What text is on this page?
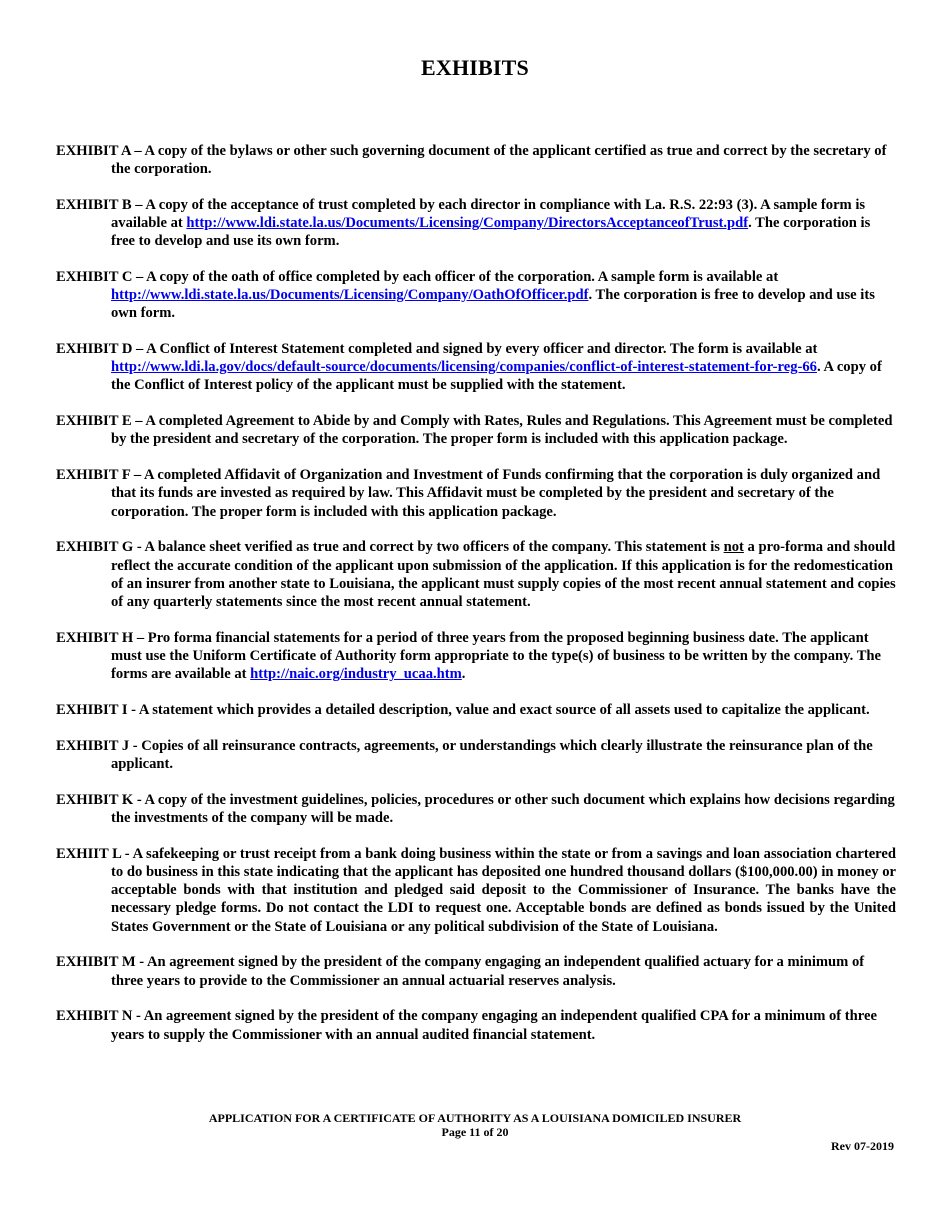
EXHIBITS

EXHIBIT A – A copy of the bylaws or other such governing document of the applicant certified as true and correct by the secretary of the corporation.

EXHIBIT B – A copy of the acceptance of trust completed by each director in compliance with La. R.S. 22:93 (3). A sample form is available at http://www.ldi.state.la.us/Documents/Licensing/Company/DirectorsAcceptanceofTrust.pdf. The corporation is free to develop and use its own form.

EXHIBIT C – A copy of the oath of office completed by each officer of the corporation. A sample form is available at http://www.ldi.state.la.us/Documents/Licensing/Company/OathOfOfficer.pdf. The corporation is free to develop and use its own form.

EXHIBIT D – A Conflict of Interest Statement completed and signed by every officer and director. The form is available at http://www.ldi.la.gov/docs/default-source/documents/licensing/companies/conflict-of-interest-statement-for-reg-66. A copy of the Conflict of Interest policy of the applicant must be supplied with the statement.

EXHIBIT E – A completed Agreement to Abide by and Comply with Rates, Rules and Regulations. This Agreement must be completed by the president and secretary of the corporation. The proper form is included with this application package.

EXHIBIT F – A completed Affidavit of Organization and Investment of Funds confirming that the corporation is duly organized and that its funds are invested as required by law. This Affidavit must be completed by the president and secretary of the corporation. The proper form is included with this application package.

EXHIBIT G - A balance sheet verified as true and correct by two officers of the company. This statement is not a pro-forma and should reflect the accurate condition of the applicant upon submission of the application. If this application is for the redomestication of an insurer from another state to Louisiana, the applicant must supply copies of the most recent annual statement and copies of any quarterly statements since the most recent annual statement.

EXHIBIT H – Pro forma financial statements for a period of three years from the proposed beginning business date. The applicant must use the Uniform Certificate of Authority form appropriate to the type(s) of business to be written by the company. The forms are available at http://naic.org/industry_ucaa.htm.

EXHIBIT I - A statement which provides a detailed description, value and exact source of all assets used to capitalize the applicant.

EXHIBIT J - Copies of all reinsurance contracts, agreements, or understandings which clearly illustrate the reinsurance plan of the applicant.

EXHIBIT K - A copy of the investment guidelines, policies, procedures or other such document which explains how decisions regarding the investments of the company will be made.

EXHIIT L - A safekeeping or trust receipt from a bank doing business within the state or from a savings and loan association chartered to do business in this state indicating that the applicant has deposited one hundred thousand dollars ($100,000.00) in money or acceptable bonds with that institution and pledged said deposit to the Commissioner of Insurance. The banks have the necessary pledge forms. Do not contact the LDI to request one. Acceptable bonds are defined as bonds issued by the United States Government or the State of Louisiana or any political subdivision of the State of Louisiana.

EXHIBIT M - An agreement signed by the president of the company engaging an independent qualified actuary for a minimum of three years to provide to the Commissioner an annual actuarial reserves analysis.

EXHIBIT N - An agreement signed by the president of the company engaging an independent qualified CPA for a minimum of three years to supply the Commissioner with an annual audited financial statement.

APPLICATION FOR A CERTIFICATE OF AUTHORITY AS A LOUISIANA DOMICILED INSURER
Page 11 of 20
Rev 07-2019
